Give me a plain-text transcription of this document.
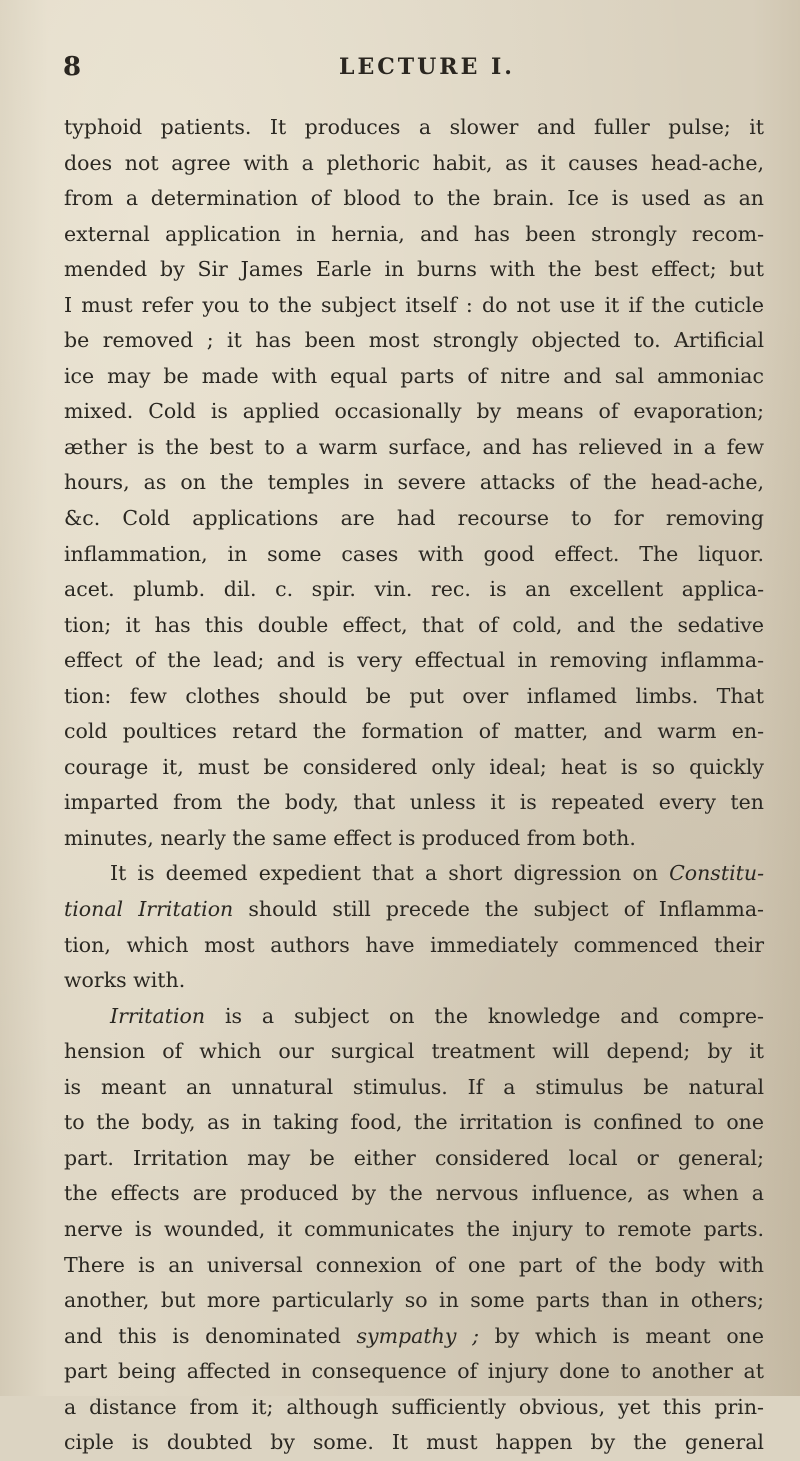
8	LECTURE I.
typhoid patients. It produces a slower and fuller pulse; it
does not agree with a plethoric habit, as it causes head-ache,
from a determination of blood to the brain. Ice is used as an
external application in hernia, and has been strongly recom-
mended by Sir James Earle in burns with the best effect; but
I must refer you to the subject itself : do not use it if the cuticle
be removed ; it has been most strongly objected to. Artificial
ice may be made with equal parts of nitre and sal ammoniac
mixed. Cold is applied occasionally by means of evaporation;
æther is the best to a warm surface, and has relieved in a few
hours, as on the temples in severe attacks of the head-ache,
&c. Cold applications are had recourse to for removing
inflammation, in some cases with good effect. The liquor.
acet. plumb. dil. c. spir. vin. rec. is an excellent applica-
tion; it has this double effect, that of cold, and the sedative
effect of the lead; and is very effectual in removing inflamma-
tion: few clothes should be put over inflamed limbs. That
cold poultices retard the formation of matter, and warm en-
courage it, must be considered only ideal; heat is so quickly
imparted from the body, that unless it is repeated every ten
minutes, nearly the same effect is produced from both.
It is deemed expedient that a short digression on Constitu-
tional Irritation should still precede the subject of Inflamma-
tion, which most authors have immediately commenced their
works with.
Irritation is a subject on the knowledge and compre-
hension of which our surgical treatment will depend; by it
is meant an unnatural stimulus. If a stimulus be natural
to the body, as in taking food, the irritation is confined to one
part. Irritation may be either considered local or general;
the effects are produced by the nervous influence, as when a
nerve is wounded, it communicates the injury to remote parts.
There is an universal connexion of one part of the body with
another, but more particularly so in some parts than in others;
and this is denominated sympathy ; by which is meant one
part being affected in consequence of injury done to another at
a distance from it; although sufficiently obvious, yet this prin-
ciple is doubted by some. It must happen by the general
